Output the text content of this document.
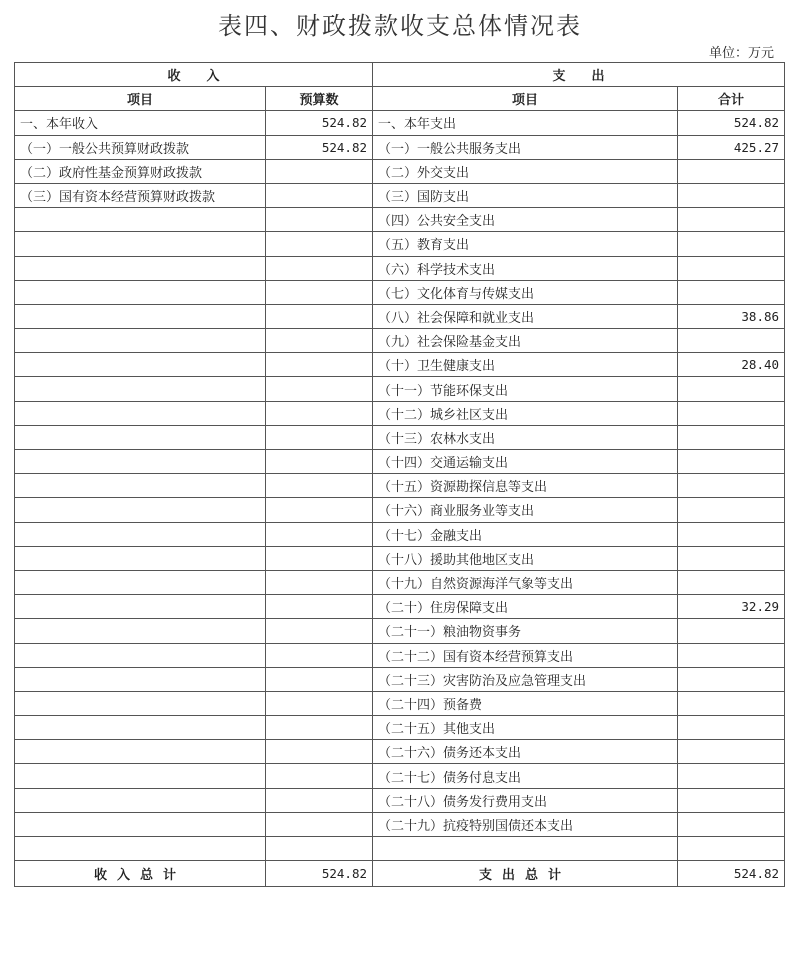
表四、财政拨款收支总体情况表
单位：万元
收　　入		支　　出	
项目	预算数	项目	合计
一、本年收入	524.82	一、本年支出	524.82
（一）一般公共预算财政拨款	524.82	（一）一般公共服务支出	425.27
（二）政府性基金预算财政拨款		（二）外交支出	
（三）国有资本经营预算财政拨款		（三）国防支出	
		（四）公共安全支出	
		（五）教育支出	
		（六）科学技术支出	
		（七）文化体育与传媒支出	
		（八）社会保障和就业支出	38.86
		（九）社会保险基金支出	
		（十）卫生健康支出	28.40
		（十一）节能环保支出	
		（十二）城乡社区支出	
		（十三）农林水支出	
		（十四）交通运输支出	
		（十五）资源勘探信息等支出	
		（十六）商业服务业等支出	
		（十七）金融支出	
		（十八）援助其他地区支出	
		（十九）自然资源海洋气象等支出	
		（二十）住房保障支出	32.29
		（二十一）粮油物资事务	
		（二十二）国有资本经营预算支出	
		（二十三）灾害防治及应急管理支出	
		（二十四）预备费	
		（二十五）其他支出	
		（二十六）债务还本支出	
		（二十七）债务付息支出	
		（二十八）债务发行费用支出	
		（二十九）抗疫特别国债还本支出	

收入总计	524.82	支出总计	524.82
